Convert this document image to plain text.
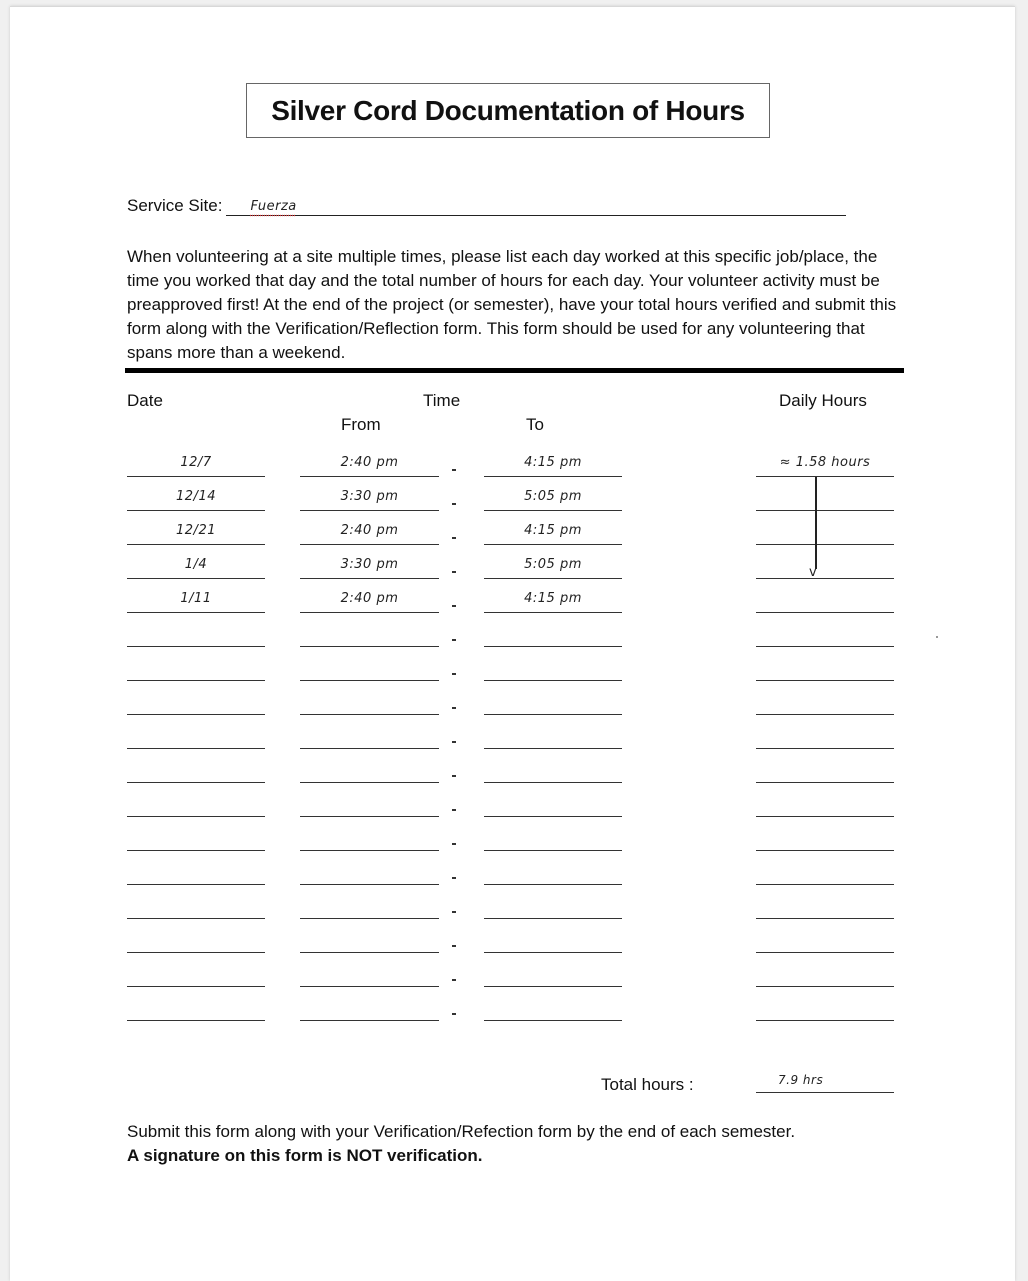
Silver Cord Documentation of Hours
Service Site: Fuerza

When volunteering at a site multiple times, please list each day worked at this specific job/place, the time you worked that day and the total number of hours for each day. Your volunteer activity must be preapproved first! At the end of the project (or semester), have your total hours verified and submit this form along with the Verification/Reflection form. This form should be used for any volunteering that spans more than a weekend.

Date	Time	Daily Hours
From	To
12/7	2:40 pm	4:15 pm	≈ 1.58 hours
12/14	3:30 pm	5:05 pm
12/21	2:40 pm	4:15 pm
1/4	3:30 pm	5:05 pm
1/11	2:40 pm	4:15 pm
v
Total hours :	7.9 hrs
Submit this form along with your Verification/Refection form by the end of each semester.
A signature on this form is NOT verification.
